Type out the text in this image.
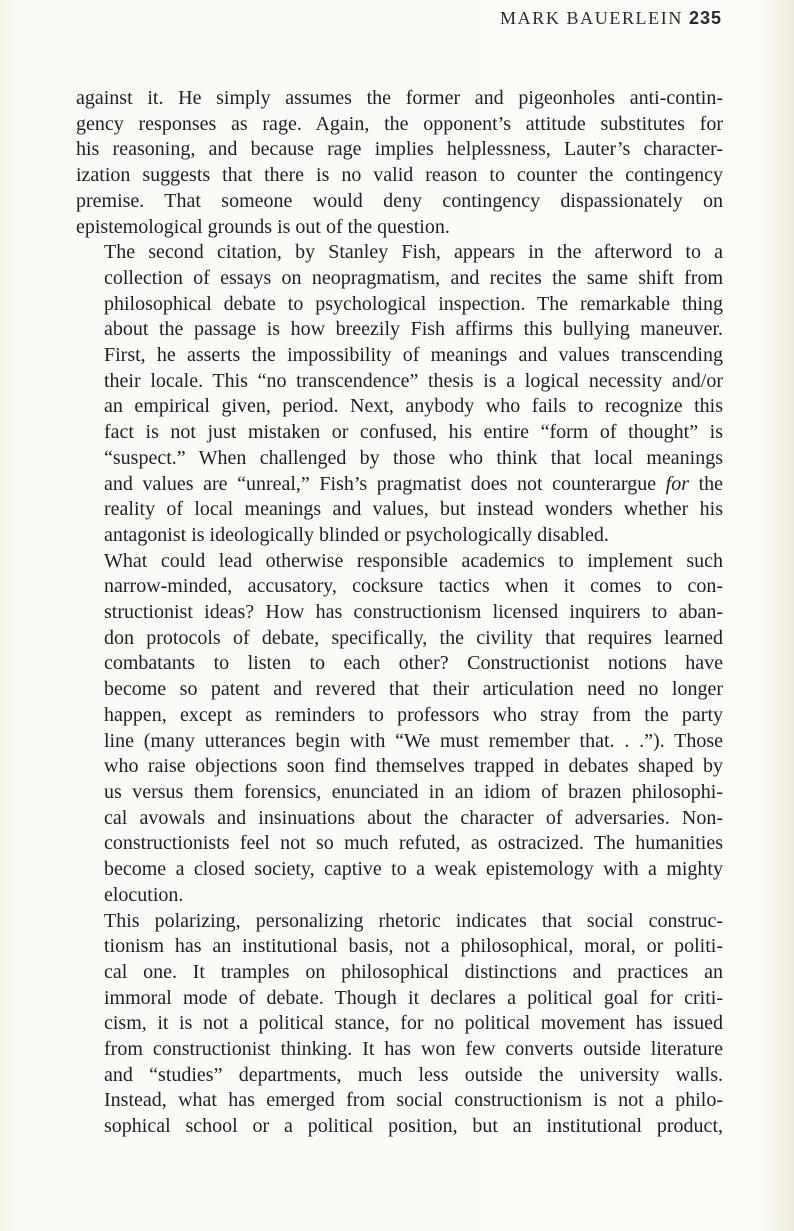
MARK BAUERLEIN 235

against it. He simply assumes the former and pigeonholes anti-contin-
gency responses as rage. Again, the opponent’s attitude substitutes for
his reasoning, and because rage implies helplessness, Lauter’s character-
ization suggests that there is no valid reason to counter the contingency
premise. That someone would deny contingency dispassionately on
epistemological grounds is out of the question.

The second citation, by Stanley Fish, appears in the afterword to a
collection of essays on neopragmatism, and recites the same shift from
philosophical debate to psychological inspection. The remarkable thing
about the passage is how breezily Fish affirms this bullying maneuver.
First, he asserts the impossibility of meanings and values transcending
their locale. This “no transcendence” thesis is a logical necessity and/or
an empirical given, period. Next, anybody who fails to recognize this
fact is not just mistaken or confused, his entire “form of thought” is
“suspect.” When challenged by those who think that local meanings
and values are “unreal,” Fish’s pragmatist does not counterargue for the
reality of local meanings and values, but instead wonders whether his
antagonist is ideologically blinded or psychologically disabled.

What could lead otherwise responsible academics to implement such
narrow-minded, accusatory, cocksure tactics when it comes to con-
structionist ideas? How has constructionism licensed inquirers to aban-
don protocols of debate, specifically, the civility that requires learned
combatants to listen to each other? Constructionist notions have
become so patent and revered that their articulation need no longer
happen, except as reminders to professors who stray from the party
line (many utterances begin with “We must remember that. . .”). Those
who raise objections soon find themselves trapped in debates shaped by
us versus them forensics, enunciated in an idiom of brazen philosophi-
cal avowals and insinuations about the character of adversaries. Non-
constructionists feel not so much refuted, as ostracized. The humanities
become a closed society, captive to a weak epistemology with a mighty
elocution.

This polarizing, personalizing rhetoric indicates that social construc-
tionism has an institutional basis, not a philosophical, moral, or politi-
cal one. It tramples on philosophical distinctions and practices an
immoral mode of debate. Though it declares a political goal for criti-
cism, it is not a political stance, for no political movement has issued
from constructionist thinking. It has won few converts outside literature
and “studies” departments, much less outside the university walls.
Instead, what has emerged from social constructionism is not a philo-
sophical school or a political position, but an institutional product,
